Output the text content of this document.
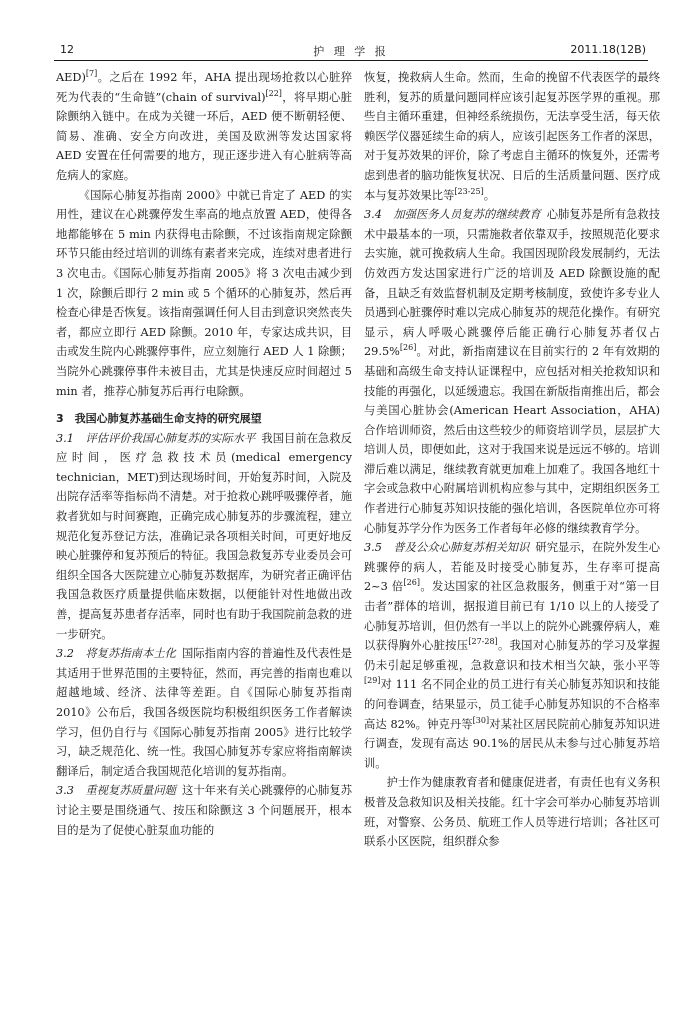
12	护 理 学 报	2011.18(12B)

AED)[7]。之后在 1992 年，AHA 提出现场抢救以心脏猝死为代表的“生命链”(chain of survival)[22]，将早期心脏除颤纳入链中。在成为关键一环后，AED 便不断朝轻便、简易、准确、安全方向改进，美国及欧洲等发达国家将 AED 安置在任何需要的地方，现正逐步进入有心脏病等高危病人的家庭。

《国际心肺复苏指南 2000》中就已肯定了 AED 的实用性，建议在心跳骤停发生率高的地点放置 AED，使得各地都能够在 5 min 内获得电击除颤，不过该指南规定除颤环节只能由经过培训的训练有素者来完成，连续对患者进行 3 次电击。《国际心肺复苏指南 2005》将 3 次电击减少到 1 次，除颤后即行 2 min 或 5 个循环的心肺复苏，然后再检查心律是否恢复。该指南强调任何人目击到意识突然丧失者，都应立即行 AED 除颤。2010 年，专家达成共识，目击或发生院内心跳骤停事件，应立刻施行 AED 人 1 除颤；当院外心跳骤停事件未被目击，尤其是快速反应时间超过 5 min 者，推荐心肺复苏后再行电除颤。

3　我国心肺复苏基础生命支持的研究展望

3.1　评估评价我国心肺复苏的实际水平 我国目前在急救反应时间，医疗急救技术员(medical emergency technician，MET)到达现场时间，开始复苏时间，入院及出院存活率等指标尚不清楚。对于抢救心跳呼吸骤停者，施救者犹如与时间赛跑，正确完成心肺复苏的步骤流程，建立规范化复苏登记方法，准确记录各项相关时间，可更好地反映心脏骤停和复苏预后的特征。我国急救复苏专业委员会可组织全国各大医院建立心肺复苏数据库，为研究者正确评估我国急救医疗质量提供临床数据，以便能针对性地做出改善，提高复苏患者存活率，同时也有助于我国院前急救的进一步研究。

3.2　将复苏指南本土化 国际指南内容的普遍性及代表性是其适用于世界范围的主要特征，然而，再完善的指南也难以超越地域、经济、法律等差距。自《国际心肺复苏指南 2010》公布后，我国各级医院均积极组织医务工作者解读学习，但仍自行与《国际心肺复苏指南 2005》进行比较学习，缺乏规范化、统一性。我国心肺复苏专家应将指南解读翻译后，制定适合我国规范化培训的复苏指南。

3.3　重视复苏质量问题 这十年来有关心跳骤停的心肺复苏讨论主要是围绕通气、按压和除颤这 3 个问题展开，根本目的是为了促使心脏泵血功能的

恢复，挽救病人生命。然而，生命的挽留不代表医学的最终胜利，复苏的质量问题同样应该引起复苏医学界的重视。那些自主循环重建，但神经系统损伤，无法享受生活，每天依赖医学仪器延续生命的病人，应该引起医务工作者的深思，对于复苏效果的评价，除了考虑自主循环的恢复外，还需考虑到患者的脑功能恢复状况、日后的生活质量问题、医疗成本与复苏效果比等[23-25]。

3.4　加强医务人员复苏的继续教育 心肺复苏是所有急救技术中最基本的一项，只需施救者依靠双手，按照规范化要求去实施，就可挽救病人生命。我国因现阶段发展制约，无法仿效西方发达国家进行广泛的培训及 AED 除颤设施的配备，且缺乏有效监督机制及定期考核制度，致使许多专业人员遇到心脏骤停时难以完成心肺复苏的规范化操作。有研究显示，病人呼吸心跳骤停后能正确行心肺复苏者仅占 29.5%[26]。对此，新指南建议在目前实行的 2 年有效期的基础和高级生命支持认证课程中，应包括对相关抢救知识和技能的再强化，以延缓遗忘。我国在新版指南推出后，都会与美国心脏协会(American Heart Association，AHA)合作培训师资，然后由这些较少的师资培训学员，层层扩大培训人员，即便如此，这对于我国来说是远远不够的。培训滞后难以满足，继续教育就更加难上加难了。我国各地红十字会或急救中心附属培训机构应参与其中，定期组织医务工作者进行心肺复苏知识技能的强化培训，各医院单位亦可将心肺复苏学分作为医务工作者每年必修的继续教育学分。

3.5　普及公众心肺复苏相关知识 研究显示，在院外发生心跳骤停的病人，若能及时接受心肺复苏，生存率可提高 2~3 倍[26]。发达国家的社区急救服务，侧重于对“第一目击者”群体的培训，据报道目前已有 1/10 以上的人接受了心肺复苏培训，但仍然有一半以上的院外心跳骤停病人，难以获得胸外心脏按压[27-28]。我国对心肺复苏的学习及掌握仍未引起足够重视，急救意识和技术相当欠缺，张小平等[29]对 111 名不同企业的员工进行有关心肺复苏知识和技能的问卷调查，结果显示，员工徒手心肺复苏知识的不合格率高达 82%。钟克丹等[30]对某社区居民院前心肺复苏知识进行调查，发现有高达 90.1%的居民从未参与过心肺复苏培训。

护士作为健康教育者和健康促进者，有责任也有义务积极普及急救知识及相关技能。红十字会可举办心肺复苏培训班，对警察、公务员、航班工作人员等进行培训；各社区可联系小区医院，组织群众参
